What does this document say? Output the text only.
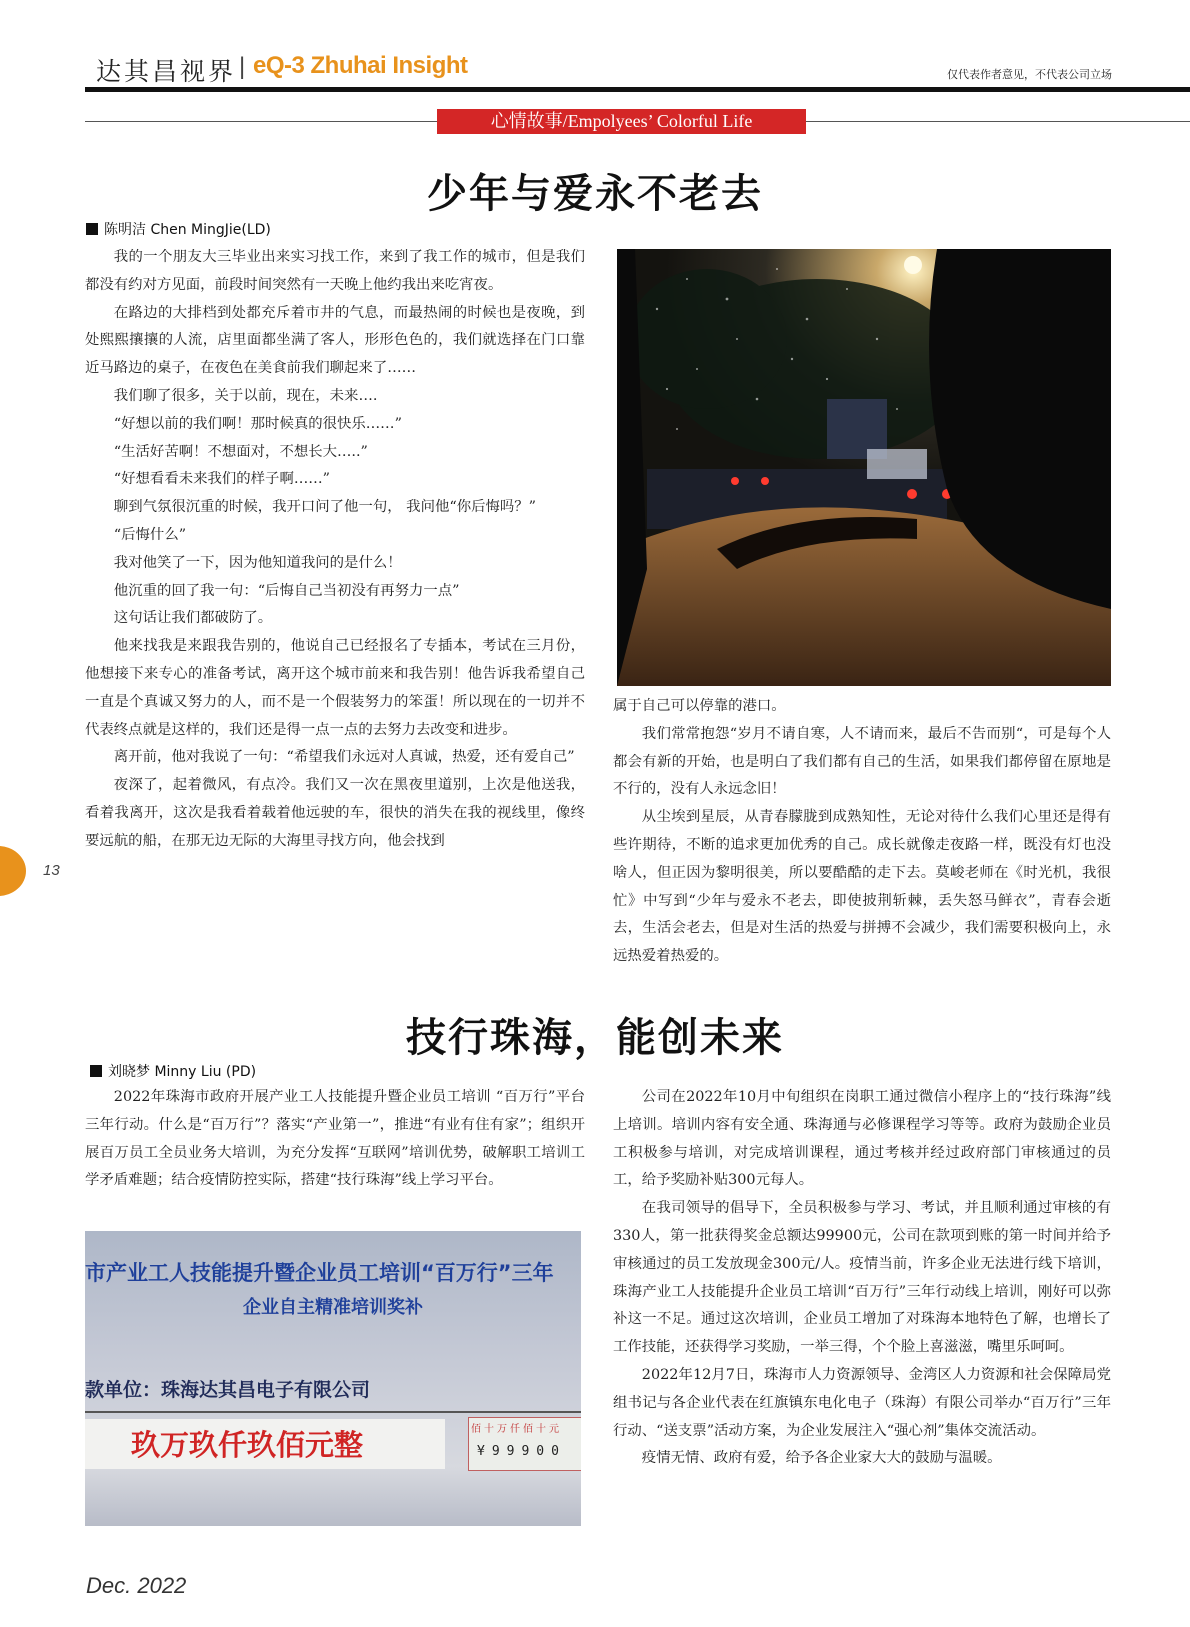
达其昌视界 | eQ-3 Zhuhai Insight	仅代表作者意见，不代表公司立场
心情故事/Empolyees’ Colorful Life
少年与爱永不老去
陈明洁 Chen MingJie(LD)

我的一个朋友大三毕业出来实习找工作，来到了我工作的城市，但是我们都没有约对方见面，前段时间突然有一天晚上他约我出来吃宵夜。

在路边的大排档到处都充斥着市井的气息，而最热闹的时候也是夜晚，到处熙熙攘攘的人流，店里面都坐满了客人，形形色色的，我们就选择在门口靠近马路边的桌子，在夜色在美食前我们聊起来了……

我们聊了很多，关于以前，现在，未来….

“好想以前的我们啊！那时候真的很快乐……”

“生活好苦啊！不想面对，不想长大…..”

“好想看看未来我们的样子啊……”

聊到气氛很沉重的时候，我开口问了他一句， 我问他“你后悔吗？”

“后悔什么”

我对他笑了一下，因为他知道我问的是什么！

他沉重的回了我一句：“后悔自己当初没有再努力一点”

这句话让我们都破防了。

他来找我是来跟我告别的，他说自己已经报名了专插本，考试在三月份，他想接下来专心的准备考试，离开这个城市前来和我告别！他告诉我希望自己一直是个真诚又努力的人，而不是一个假装努力的笨蛋！所以现在的一切并不代表终点就是这样的，我们还是得一点一点的去努力去改变和进步。

离开前，他对我说了一句：“希望我们永远对人真诚，热爱，还有爱自己”

夜深了，起着微风，有点冷。我们又一次在黑夜里道别，上次是他送我，看着我离开，这次是我看着载着他远驶的车，很快的消失在我的视线里，像终要远航的船，在那无边无际的大海里寻找方向，他会找到

属于自己可以停靠的港口。

我们常常抱怨“岁月不请自寒，人不请而来，最后不告而别“，可是每个人都会有新的开始，也是明白了我们都有自己的生活，如果我们都停留在原地是不行的，没有人永远念旧！

从尘埃到星辰，从青春朦胧到成熟知性，无论对待什么我们心里还是得有些许期待，不断的追求更加优秀的自己。成长就像走夜路一样，既没有灯也没啥人，但正因为黎明很美，所以要酷酷的走下去。莫峻老师在《时光机，我很忙》中写到“少年与爱永不老去，即使披荆斩棘，丢失怒马鲜衣”，青春会逝去，生活会老去，但是对生活的热爱与拼搏不会减少，我们需要积极向上，永远热爱着热爱的。

13
技行珠海，能创未来
刘晓梦 Minny Liu (PD)

2022年珠海市政府开展产业工人技能提升暨企业员工培训 “百万行”平台三年行动。什么是“百万行”？落实“产业第一”，推进“有业有住有家”；组织开展百万员工全员业务大培训，为充分发挥“互联网”培训优势，破解职工培训工学矛盾难题；结合疫情防控实际，搭建“技行珠海”线上学习平台。

市产业工人技能提升暨企业员工培训“百万行”三年
企业自主精准培训奖补
款单位：珠海达其昌电子有限公司
玖万玖仟玖佰元整	佰十万仟佰十元
¥99900

公司在2022年10月中旬组织在岗职工通过微信小程序上的“技行珠海”线上培训。培训内容有安全通、珠海通与必修课程学习等等。政府为鼓励企业员工积极参与培训，对完成培训课程，通过考核并经过政府部门审核通过的员工，给予奖励补贴300元每人。

在我司领导的倡导下，全员积极参与学习、考试，并且顺利通过审核的有330人，第一批获得奖金总额达99900元，公司在款项到账的第一时间并给予审核通过的员工发放现金300元/人。疫情当前，许多企业无法进行线下培训，珠海产业工人技能提升企业员工培训“百万行”三年行动线上培训，刚好可以弥补这一不足。通过这次培训，企业员工增加了对珠海本地特色了解，也增长了工作技能，还获得学习奖励，一举三得，个个脸上喜滋滋，嘴里乐呵呵。

2022年12月7日，珠海市人力资源领导、金湾区人力资源和社会保障局党组书记与各企业代表在红旗镇东电化电子（珠海）有限公司举办“百万行”三年行动、“送支票”活动方案，为企业发展注入“强心剂”集体交流活动。

疫情无情、政府有爱，给予各企业家大大的鼓励与温暖。

Dec. 2022
